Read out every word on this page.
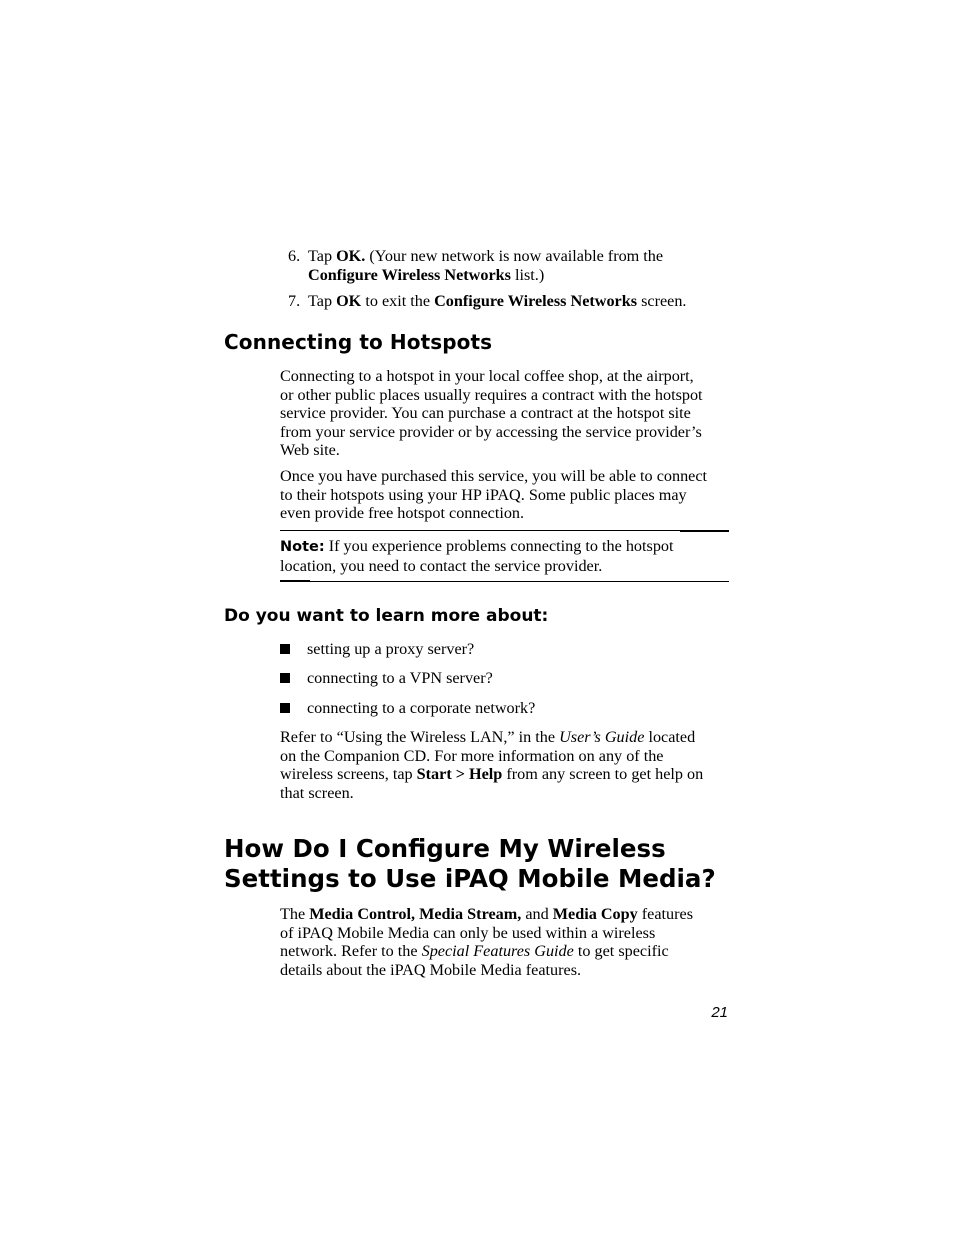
6. Tap OK. (Your new network is now available from the
Configure Wireless Networks list.)
7. Tap OK to exit the Configure Wireless Networks screen.
Connecting to Hotspots
Connecting to a hotspot in your local coffee shop, at the airport,
or other public places usually requires a contract with the hotspot
service provider. You can purchase a contract at the hotspot site
from your service provider or by accessing the service provider’s
Web site.
Once you have purchased this service, you will be able to connect
to their hotspots using your HP iPAQ. Some public places may
even provide free hotspot connection.
Note: If you experience problems connecting to the hotspot
location, you need to contact the service provider.
Do you want to learn more about:
setting up a proxy server?
connecting to a VPN server?
connecting to a corporate network?
Refer to “Using the Wireless LAN,” in the User’s Guide located
on the Companion CD. For more information on any of the
wireless screens, tap Start > Help from any screen to get help on
that screen.
How Do I Configure My Wireless
Settings to Use iPAQ Mobile Media?
The Media Control, Media Stream, and Media Copy features
of iPAQ Mobile Media can only be used within a wireless
network. Refer to the Special Features Guide to get specific
details about the iPAQ Mobile Media features.
21
